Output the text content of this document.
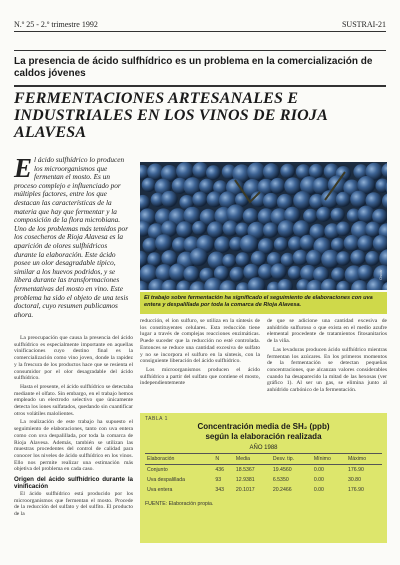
N.º 25 - 2.º trimestre 1992	SUSTRAI-21
La presencia de ácido sulfhídrico es un problema en la comercialización de caldos jóvenes
FERMENTACIONES ARTESANALES E INDUSTRIALES EN LOS VINOS DE RIOJA ALAVESA
El ácido sulfhídrico lo producen los microorganismos que fermentan el mosto. Es un proceso complejo e influenciado por múltiples factores, entre los que destacan las características de la materia que hay que fermentar y la composición de la flora microbiana. Uno de los problemas más temidos por los cosecheros de Rioja Alavesa es la aparición de olores sulfhídricos durante la elaboración. Este ácido posee un olor desagradable típico, similar a los huevos podridos, y se libera durante las transformaciones fermentativas del mosto en vino. Este problema ha sido el objeto de una tesis doctoral, cuyo resumen publicamos ahora.
Oscar
El trabajo sobre fermentación ha significado el seguimiento de elaboraciones con uva entera y despalillada por toda la comarca de Rioja Alavesa.

La preocupación que causa la presencia del ácido sulfhídrico es especialmente importante en aquellas vinificaciones cuyo destino final es la comercialización como vino joven, donde la rapidez y la frescura de los productos hace que se resienta el consumidor por el olor desagradable del ácido sulfhídrico.

Hasta el presente, el ácido sulfhídrico se detectaba mediante el olfato. Sin embargo, en el trabajo hemos empleado un electrodo selectivo que únicamente detecta los iones sulfatados, quedando sin cuantificar otros volátiles malolientes.

La realización de este trabajo ha supuesto el seguimiento de elaboraciones, tanto con uva entera como con uva despalillada, por toda la comarca de Rioja Alavesa. Además, también se utilizan las muestras procedentes del control de calidad para conocer los niveles de ácido sulfhídrico en los vinos. Ello nos permite realizar una estimación más objetiva del problema en cada caso.

Origen del ácido sulfhídrico durante la vinificación

El ácido sulfhídrico está producido por los microorganismos que fermentan el mosto. Procede de la reducción del sulfato y del sulfito. El producto de la

reducción, el ion sulfuro, se utiliza en la síntesis de los constituyentes celulares. Esta reducción tiene lugar a través de complejas reacciones enzimáticas. Puede suceder que la reducción no esté controlada. Entonces se reduce una cantidad excesiva de sulfato y no se incorpora el sulfuro en la síntesis, con la consiguiente liberación del ácido sulfhídrico.

Los microorganismos producen el ácido sulfhídrico a partir del sulfato que contiene el mosto, independientemente

de que se adicione una cantidad excesiva de anhídrido sulfuroso o que exista en el medio azufre elemental procedente de tratamientos fitosanitarios de la viña.

Las levaduras producen ácido sulfhídrico mientras fermentan los azúcares. En los primeros momentos de la fermentación se detectan pequeñas concentraciones, que alcanzan valores considerables cuando ha desaparecido la mitad de las hexosas (ver gráfico 1). Al ser un gas, se elimina junto al anhídrido carbónico de la fermentación.

TABLA 1
Concentración media de SH₂ (ppb)
según la elaboración realizada
AÑO 1988
Elaboración	N	Media	Desv. tip.	Mínimo	Máximo
Conjunto	436	18.5367	19.4560	0.00	176.90
Uva despalillada	93	12.9381	6.5350	0.00	30.80
Uva entera	343	20.1017	20.2466	0.00	176.90
FUENTE: Elaboración propia.
